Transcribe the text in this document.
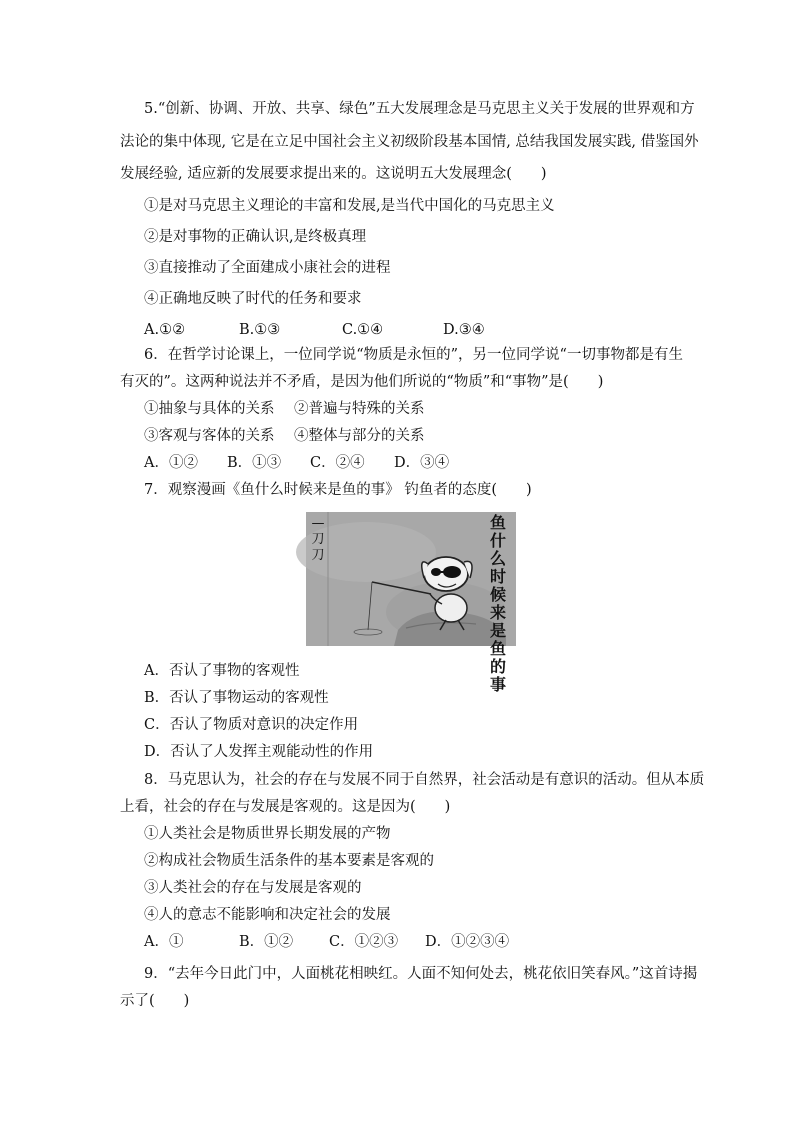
5.“创新、协调、开放、共享、绿色”五大发展理念是马克思主义关于发展的世界观和方
法论的集中体现, 它是在立足中国社会主义初级阶段基本国情, 总结我国发展实践, 借鉴国外
发展经验, 适应新的发展要求提出来的。这说明五大发展理念(　　)
①是对马克思主义理论的丰富和发展,是当代中国化的马克思主义
②是对事物的正确认识,是终极真理
③直接推动了全面建成小康社会的进程
④正确地反映了时代的任务和要求
A.①②	B.①③	C.①④	D.③④
6．在哲学讨论课上，一位同学说“物质是永恒的”，另一位同学说“一切事物都是有生
有灭的”。这两种说法并不矛盾，是因为他们所说的“物质”和“事物”是(　　)
①抽象与具体的关系 ②普遍与特殊的关系
③客观与客体的关系 ④整体与部分的关系
A．①② B．①③ C．②④ D．③④
7．观察漫画《鱼什么时候来是鱼的事》 钓鱼者的态度(　　)
鱼什么时候来是鱼的事
—刀刀
A．否认了事物的客观性
B．否认了事物运动的客观性
C．否认了物质对意识的决定作用
D．否认了人发挥主观能动性的作用
8．马克思认为，社会的存在与发展不同于自然界，社会活动是有意识的活动。但从本质
上看，社会的存在与发展是客观的。这是因为(　　)
①人类社会是物质世界长期发展的产物
②构成社会物质生活条件的基本要素是客观的
③人类社会的存在与发展是客观的
④人的意志不能影响和决定社会的发展
A．①	B．①② C．①②③ D．①②③④
9．“去年今日此门中，人面桃花相映红。人面不知何处去，桃花依旧笑春风。”这首诗揭
示了(　　)
